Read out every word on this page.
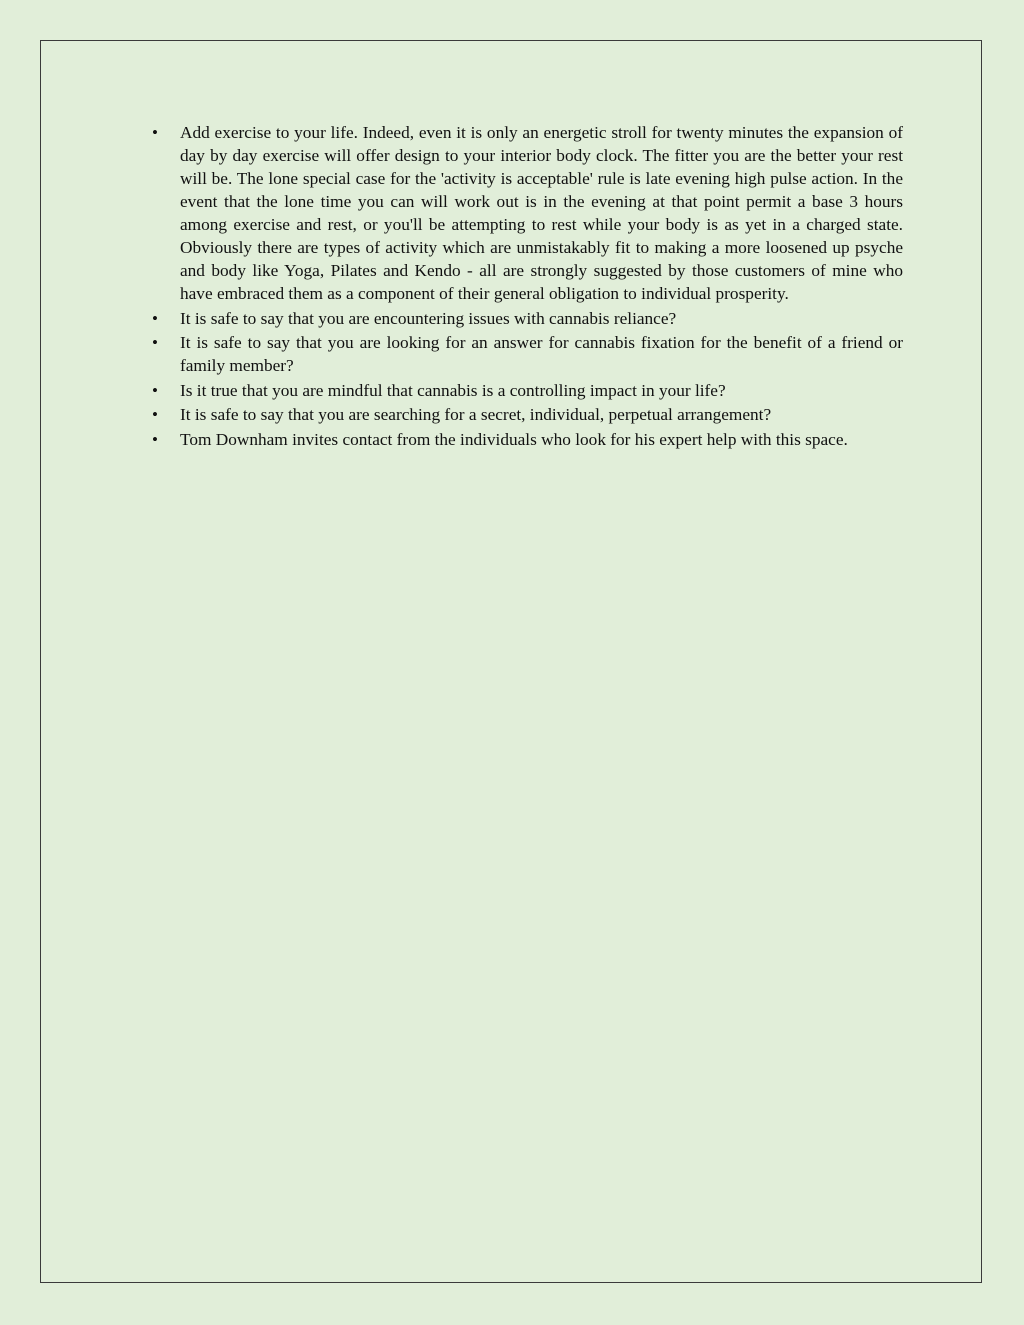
• Add exercise to your life. Indeed, even it is only an energetic stroll for twenty minutes the expansion of day by day exercise will offer design to your interior body clock. The fitter you are the better your rest will be. The lone special case for the 'activity is acceptable' rule is late evening high pulse action. In the event that the lone time you can will work out is in the evening at that point permit a base 3 hours among exercise and rest, or you'll be attempting to rest while your body is as yet in a charged state. Obviously there are types of activity which are unmistakably fit to making a more loosened up psyche and body like Yoga, Pilates and Kendo - all are strongly suggested by those customers of mine who have embraced them as a component of their general obligation to individual prosperity.
• It is safe to say that you are encountering issues with cannabis reliance?
• It is safe to say that you are looking for an answer for cannabis fixation for the benefit of a friend or family member?
• Is it true that you are mindful that cannabis is a controlling impact in your life?
• It is safe to say that you are searching for a secret, individual, perpetual arrangement?
• Tom Downham invites contact from the individuals who look for his expert help with this space.
